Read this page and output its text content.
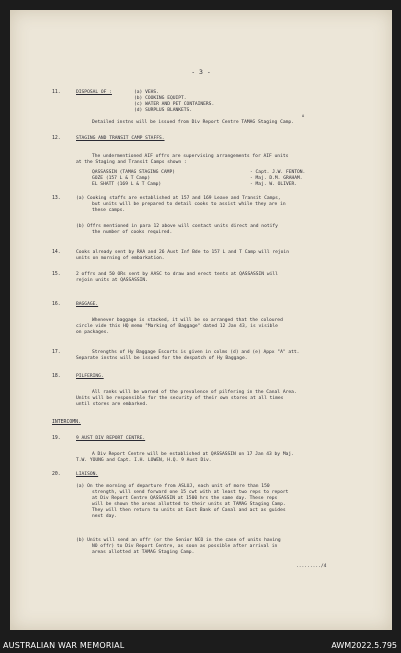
- 3 -
11.	DISPOSAL OF :	(a) VEHS.
(b) COOKING EQUIPT.
(c) WATER AND PET CONTAINERS.
(d) SURPLUS BLANKETS.
A
Detailed instns will be issued from Div Report Centre TAMAG Staging Camp.
12.	STAGING AND TRANSIT CAMP STAFFS.
The undermentioned AIF offrs are supervising arrangements for AIF units
at the Staging and Transit Camps shown :
QASSASSIN (TAMAG STAGING CAMP)	- Capt. J.W. FENTON.
GOZE (157 L & T Camp)	- Maj. D.M. GRAHAM.
EL SHATT (169 L & T Camp)	- Maj. W. OLIVER.
13.	(a) Cooking staffs are established at 157 and 169 Leave and Transit Camps,
but units will be prepared to detail cooks to assist while they are in
these camps.
(b) Offrs mentioned in para 12 above will contact units direct and notify
the number of cooks required.
14.	Cooks already sent by RAA and 26 Aust Inf Bde to 157 L and T Camp will rejoin
units on morning of embarkation.
15.	2 offrs and 50 ORs sent by AASC to draw and erect tents at QASSASSIN will
rejoin units at QASSASSIN.
16.	BAGGAGE.
Whenever baggage is stacked, it will be so arranged that the coloured
circle vide this HQ memo "Marking of Baggage" dated 12 Jan 43, is visible
on packages.
17.	Strengths of Hy Baggage Escorts is given in colms (d) and (e) Appx "A" att.
Separate instns will be issued for the despatch of Hy Baggage.
18.	PILFERING.
All ranks will be warned of the prevalence of pilfering in the Canal Area.
Units will be responsible for the security of their own stores at all times
until stores are embarked.
INTERCOMN.
19.	9 AUST DIV REPORT CENTRE.
A Div Report Centre will be established at QASSASSIN on 17 Jan 43 by Maj.
T.W. YOUNG and Capt. I.H. LOWEN, H.Q. 9 Aust Div.
20.	LIAISON.
(a) On the morning of departure from ASLUJ, each unit of more than 150
strength, will send forward one 15 cwt with at least two reps to report
at Div Report Centre QASSASSIN at 1500 hrs the same day. These reps
will be shown the areas allotted to their units at TAMAG Staging Camp.
They will then return to units at East Bank of Canal and act as guides
next day.
(b) Units will send an offr (or the Senior NCO in the case of units having
NO offr) to Div Report Centre, as soon as possible after arrival in
areas allotted at TAMAG Staging Camp.
........./4
AUSTRALIAN WAR MEMORIAL	AWM2022.5.795
